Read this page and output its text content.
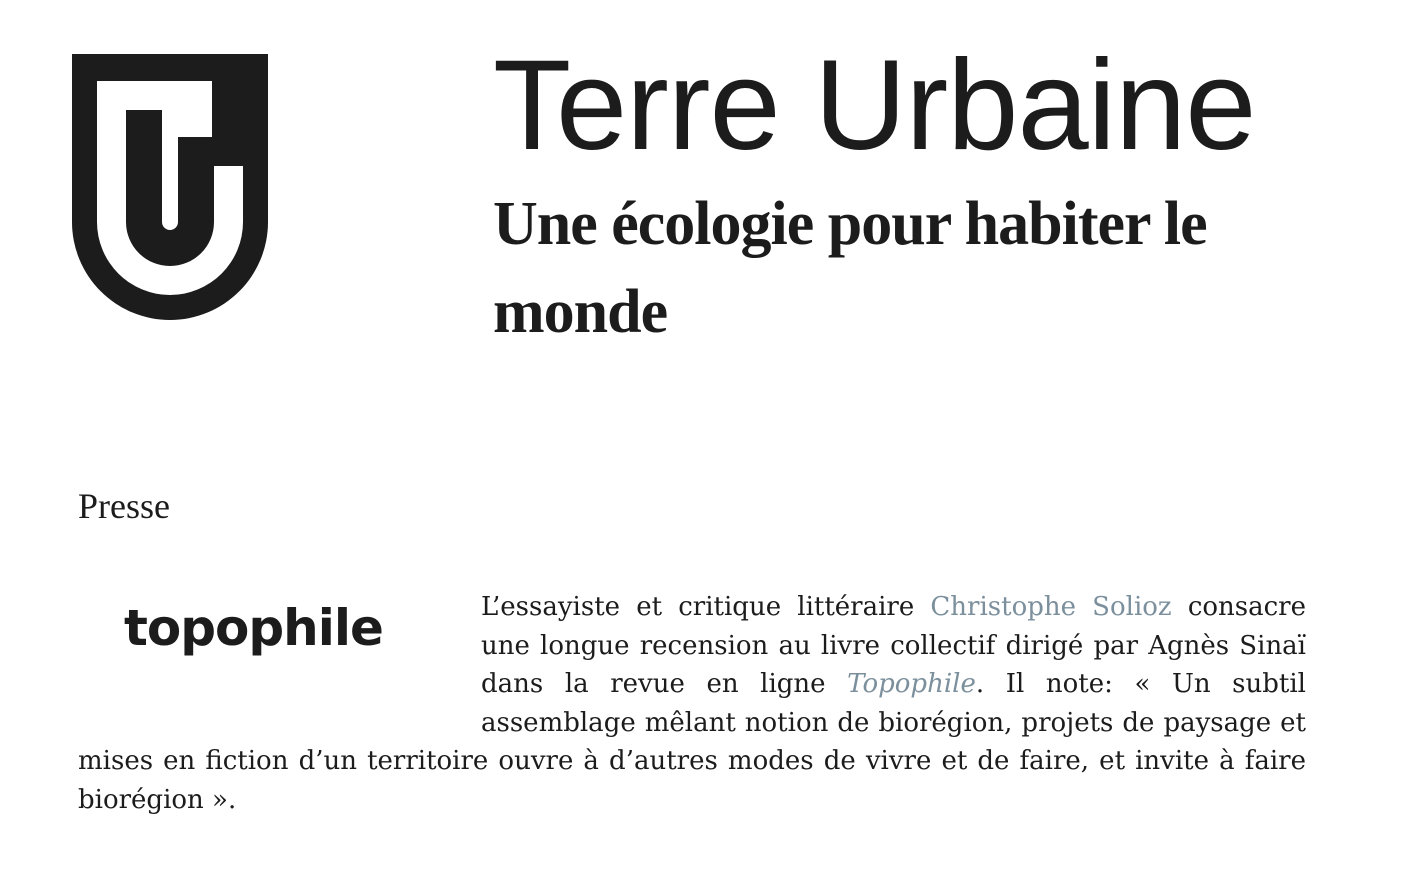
Terre Urbaine
Une écologie pour habiter le monde
Presse
topophile	L’essayiste et critique littéraire Christophe Solioz consacre une longue recension au livre collectif dirigé par Agnès Sinaï dans la revue en ligne Topophile. Il note: « Un subtil assemblage mêlant notion de biorégion, projets de paysage et mises en fiction d’un territoire ouvre à d’autres modes de vivre et de faire, et invite à faire biorégion ».
